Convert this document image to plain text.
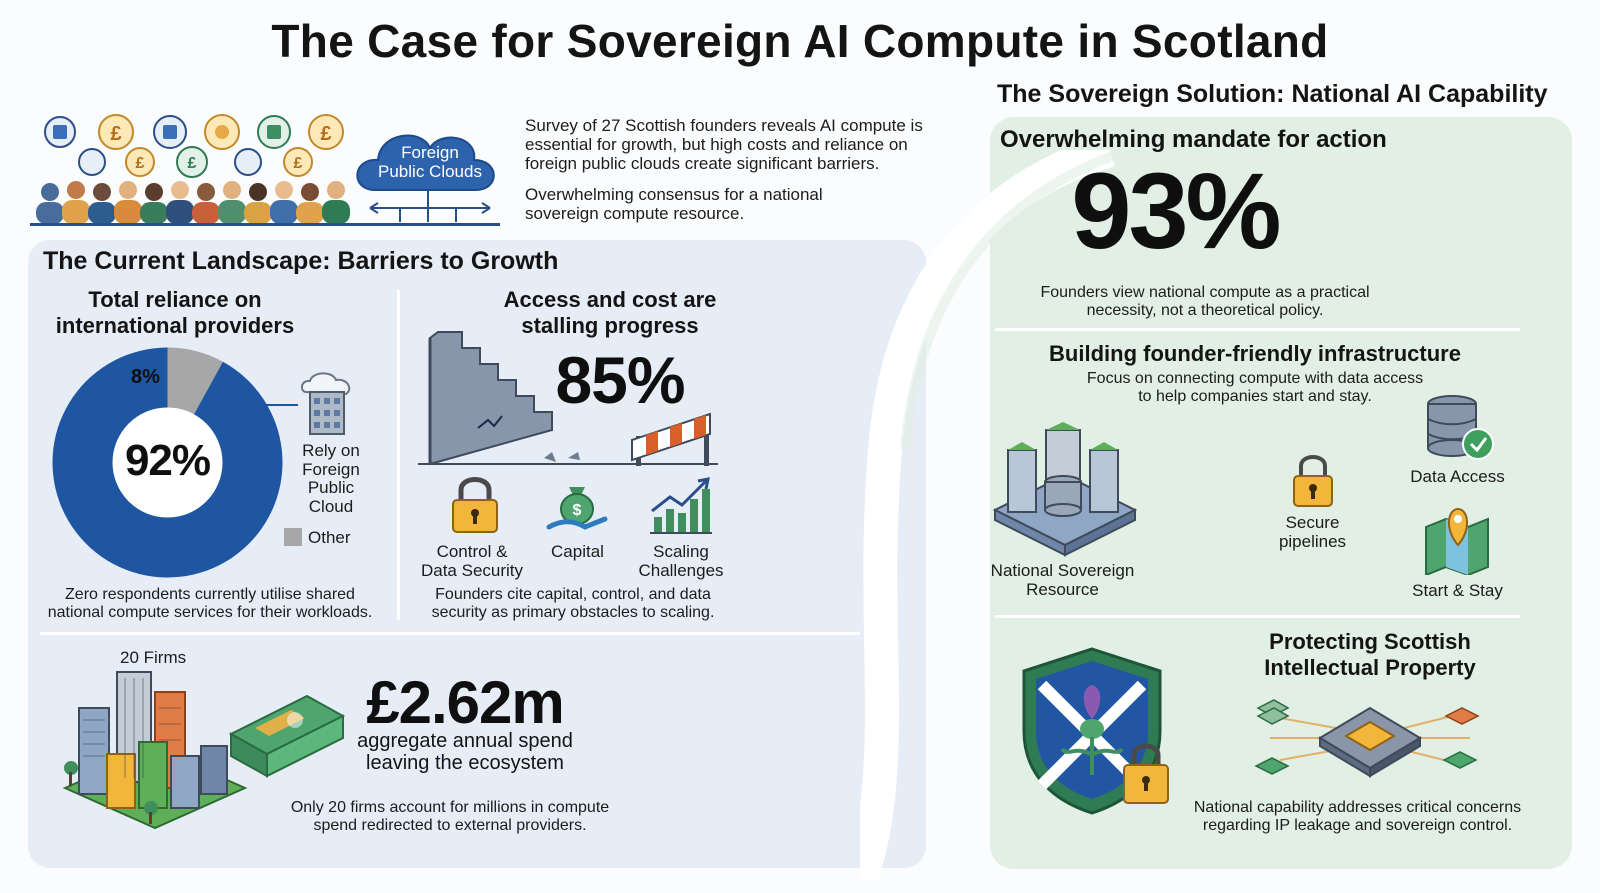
The Case for Sovereign AI Compute in Scotland
£	£
£	£	£
Foreign
Public Clouds
Survey of 27 Scottish founders reveals AI compute is essential for growth, but high costs and reliance on foreign public clouds create significant barriers.
Overwhelming consensus for a national sovereign compute resource.
The Current Landscape: Barriers to Growth
Total reliance on
international providers
92%
8%
Rely on
Foreign
Public
Cloud
Other
Zero respondents currently utilise shared
national compute services for their workloads.
Access and cost are
stalling progress
85%
$
Control &
Data Security
Capital	Scaling
Challenges
Founders cite capital, control, and data
security as primary obstacles to scaling.
20 Firms
£2.62m
aggregate annual spend
leaving the ecosystem
Only 20 firms account for millions in compute
spend redirected to external providers.
The Sovereign Solution: National AI Capability
Overwhelming mandate for action
93%
Founders view national compute as a practical
necessity, not a theoretical policy.
Building founder-friendly infrastructure
Focus on connecting compute with data access
to help companies start and stay.
National Sovereign
Resource
Secure
pipelines
Data Access
Start & Stay
Protecting Scottish
Intellectual Property
National capability addresses critical concerns
regarding IP leakage and sovereign control.
